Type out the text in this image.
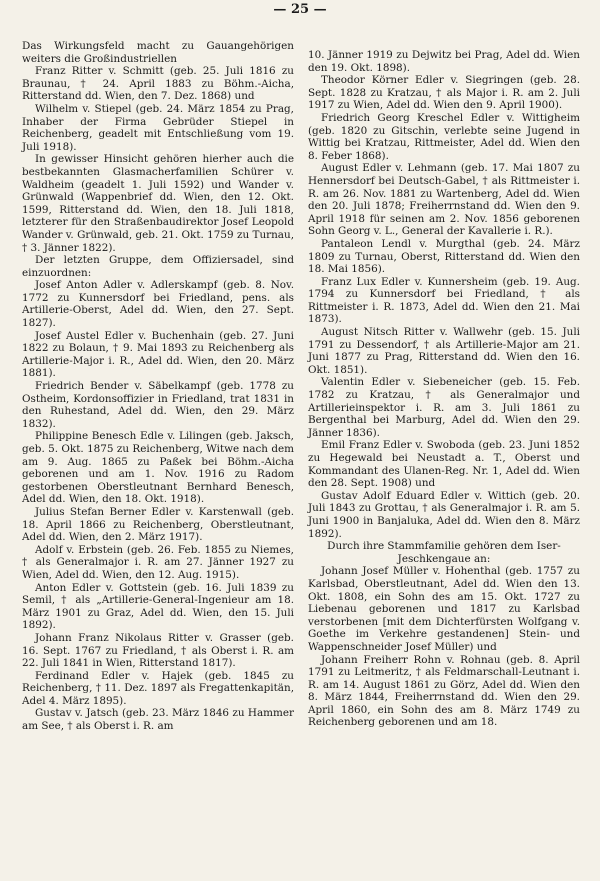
— 25 —

Das Wirkungsfeld macht zu Gauangehörigen weiters die Großindustriellen

Franz Ritter v. Schmitt (geb. 25. Juli 1816 zu Braunau, † 24. April 1883 zu Böhm.-Aicha, Ritterstand dd. Wien, den 7. Dez. 1868) und

Wilhelm v. Stiepel (geb. 24. März 1854 zu Prag, Inhaber der Firma Gebrüder Stiepel in Reichenberg, geadelt mit Entschließung vom 19. Juli 1918).

In gewisser Hinsicht gehören hierher auch die bestbekannten Glasmacherfamilien Schürer v. Waldheim (geadelt 1. Juli 1592) und Wander v. Grünwald (Wappenbrief dd. Wien, den 12. Okt. 1599, Ritterstand dd. Wien, den 18. Juli 1818, letzterer für den Straßenbaudirektor Josef Leopold Wander v. Grünwald, geb. 21. Okt. 1759 zu Turnau, † 3. Jänner 1822).

Der letzten Gruppe, dem Offiziersadel, sind einzuordnen:

Josef Anton Adler v. Adlerskampf (geb. 8. Nov. 1772 zu Kunnersdorf bei Friedland, pens. als Artillerie-Oberst, Adel dd. Wien, den 27. Sept. 1827).

Josef Austel Edler v. Buchenhain (geb. 27. Juni 1822 zu Bolaun, † 9. Mai 1893 zu Reichenberg als Artillerie-Major i. R., Adel dd. Wien, den 20. März 1881).

Friedrich Bender v. Säbelkampf (geb. 1778 zu Ostheim, Kordonsoffizier in Friedland, trat 1831 in den Ruhestand, Adel dd. Wien, den 29. März 1832).

Philippine Benesch Edle v. Lilingen (geb. Jaksch, geb. 5. Okt. 1875 zu Reichenberg, Witwe nach dem am 9. Aug. 1865 zu Paßek bei Böhm.-Aicha geborenen und am 1. Nov. 1916 zu Radom gestorbenen Oberstleutnant Bernhard Benesch, Adel dd. Wien, den 18. Okt. 1918).

Julius Stefan Berner Edler v. Karstenwall (geb. 18. April 1866 zu Reichenberg, Oberstleutnant, Adel dd. Wien, den 2. März 1917).

Adolf v. Erbstein (geb. 26. Feb. 1855 zu Niemes, † als Generalmajor i. R. am 27. Jänner 1927 zu Wien, Adel dd. Wien, den 12. Aug. 1915).

Anton Edler v. Gottstein (geb. 16. Juli 1839 zu Semil, † als „Artillerie-General-Ingenieur am 18. März 1901 zu Graz, Adel dd. Wien, den 15. Juli 1892).

Johann Franz Nikolaus Ritter v. Grasser (geb. 16. Sept. 1767 zu Friedland, † als Oberst i. R. am 22. Juli 1841 in Wien, Ritterstand 1817).

Ferdinand Edler v. Hajek (geb. 1845 zu Reichenberg, † 11. Dez. 1897 als Fregattenkapitän, Adel 4. März 1895).

Gustav v. Jatsch (geb. 23. März 1846 zu Hammer am See, † als Oberst i. R. am

10. Jänner 1919 zu Dejwitz bei Prag, Adel dd. Wien den 19. Okt. 1898).

Theodor Körner Edler v. Siegringen (geb. 28. Sept. 1828 zu Kratzau, † als Major i. R. am 2. Juli 1917 zu Wien, Adel dd. Wien den 9. April 1900).

Friedrich Georg Kreschel Edler v. Wittigheim (geb. 1820 zu Gitschin, verlebte seine Jugend in Wittig bei Kratzau, Rittmeister, Adel dd. Wien den 8. Feber 1868).

August Edler v. Lehmann (geb. 17. Mai 1807 zu Hennersdorf bei Deutsch-Gabel, † als Rittmeister i. R. am 26. Nov. 1881 zu Wartenberg, Adel dd. Wien den 20. Juli 1878; Freiherrnstand dd. Wien den 9. April 1918 für seinen am 2. Nov. 1856 geborenen Sohn Georg v. L., General der Kavallerie i. R.).

Pantaleon Lendl v. Murgthal (geb. 24. März 1809 zu Turnau, Oberst, Ritterstand dd. Wien den 18. Mai 1856).

Franz Lux Edler v. Kunnersheim (geb. 19. Aug. 1794 zu Kunnersdorf bei Friedland, † als Rittmeister i. R. 1873, Adel dd. Wien den 21. Mai 1873).

August Nitsch Ritter v. Wallwehr (geb. 15. Juli 1791 zu Dessendorf, † als Artillerie-Major am 21. Juni 1877 zu Prag, Ritterstand dd. Wien den 16. Okt. 1851).

Valentin Edler v. Siebeneicher (geb. 15. Feb. 1782 zu Kratzau, † als Generalmajor und Artillerieinspektor i. R. am 3. Juli 1861 zu Bergenthal bei Marburg, Adel dd. Wien den 29. Jänner 1836).

Emil Franz Edler v. Swoboda (geb. 23. Juni 1852 zu Hegewald bei Neustadt a. T., Oberst und Kommandant des Ulanen-Reg. Nr. 1, Adel dd. Wien den 28. Sept. 1908) und

Gustav Adolf Eduard Edler v. Wittich (geb. 20. Juli 1843 zu Grottau, † als Generalmajor i. R. am 5. Juni 1900 in Banjaluka, Adel dd. Wien den 8. März 1892).

Durch ihre Stammfamilie gehören dem Iser-Jeschkengaue an:

Johann Josef Müller v. Hohenthal (geb. 1757 zu Karlsbad, Oberstleutnant, Adel dd. Wien den 13. Okt. 1808, ein Sohn des am 15. Okt. 1727 zu Liebenau geborenen und 1817 zu Karlsbad verstorbenen [mit dem Dichterfürsten Wolfgang v. Goethe im Verkehre gestandenen] Stein- und Wappenschneider Josef Müller) und

Johann Freiherr Rohn v. Rohnau (geb. 8. April 1791 zu Leitmeritz, † als Feldmarschall-Leutnant i. R. am 14. August 1861 zu Görz, Adel dd. Wien den 8. März 1844, Freiherrnstand dd. Wien den 29. April 1860, ein Sohn des am 8. März 1749 zu Reichenberg geborenen und am 18.
